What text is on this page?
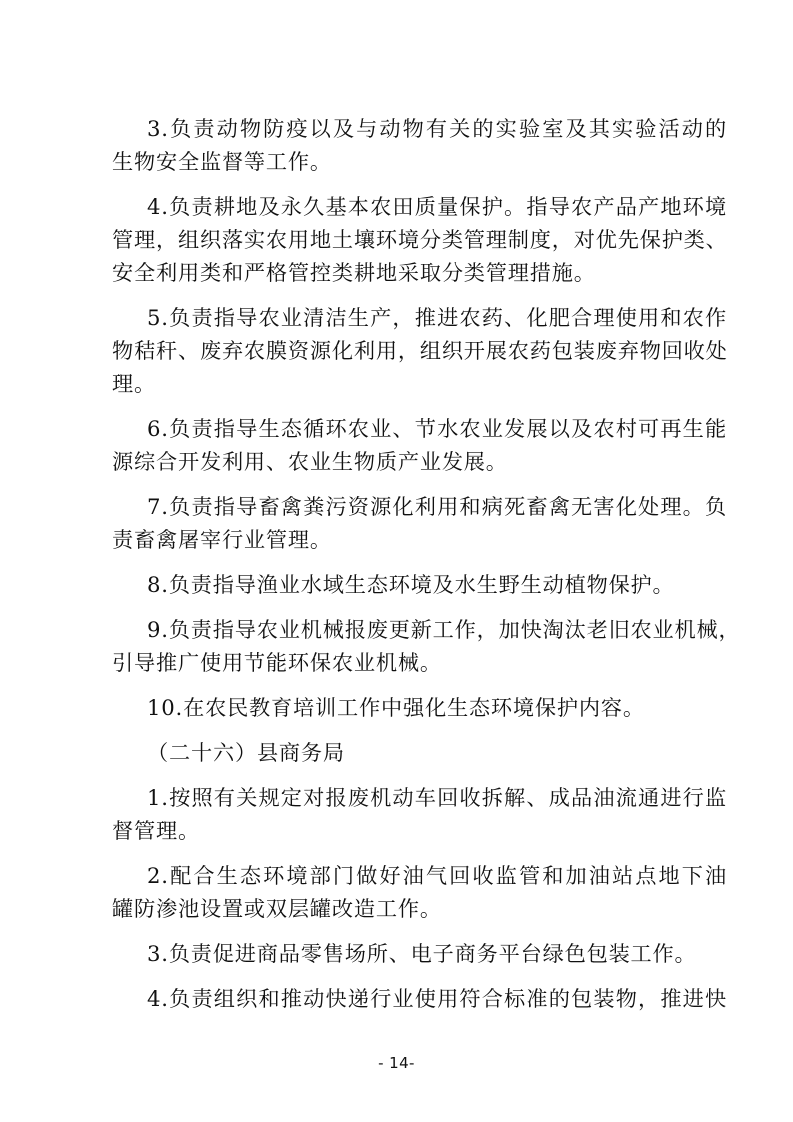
3.负责动物防疫以及与动物有关的实验室及其实验活动的
生物安全监督等工作。
4.负责耕地及永久基本农田质量保护。指导农产品产地环境
管理，组织落实农用地土壤环境分类管理制度，对优先保护类、
安全利用类和严格管控类耕地采取分类管理措施。
5.负责指导农业清洁生产，推进农药、化肥合理使用和农作
物秸秆、废弃农膜资源化利用，组织开展农药包装废弃物回收处
理。
6.负责指导生态循环农业、节水农业发展以及农村可再生能
源综合开发利用、农业生物质产业发展。
7.负责指导畜禽粪污资源化利用和病死畜禽无害化处理。负
责畜禽屠宰行业管理。
8.负责指导渔业水域生态环境及水生野生动植物保护。
9.负责指导农业机械报废更新工作，加快淘汰老旧农业机械，
引导推广使用节能环保农业机械。
10.在农民教育培训工作中强化生态环境保护内容。
（二十六）县商务局
1.按照有关规定对报废机动车回收拆解、成品油流通进行监
督管理。
2.配合生态环境部门做好油气回收监管和加油站点地下油
罐防渗池设置或双层罐改造工作。
3.负责促进商品零售场所、电子商务平台绿色包装工作。
4.负责组织和推动快递行业使用符合标准的包装物，推进快
- 14-
